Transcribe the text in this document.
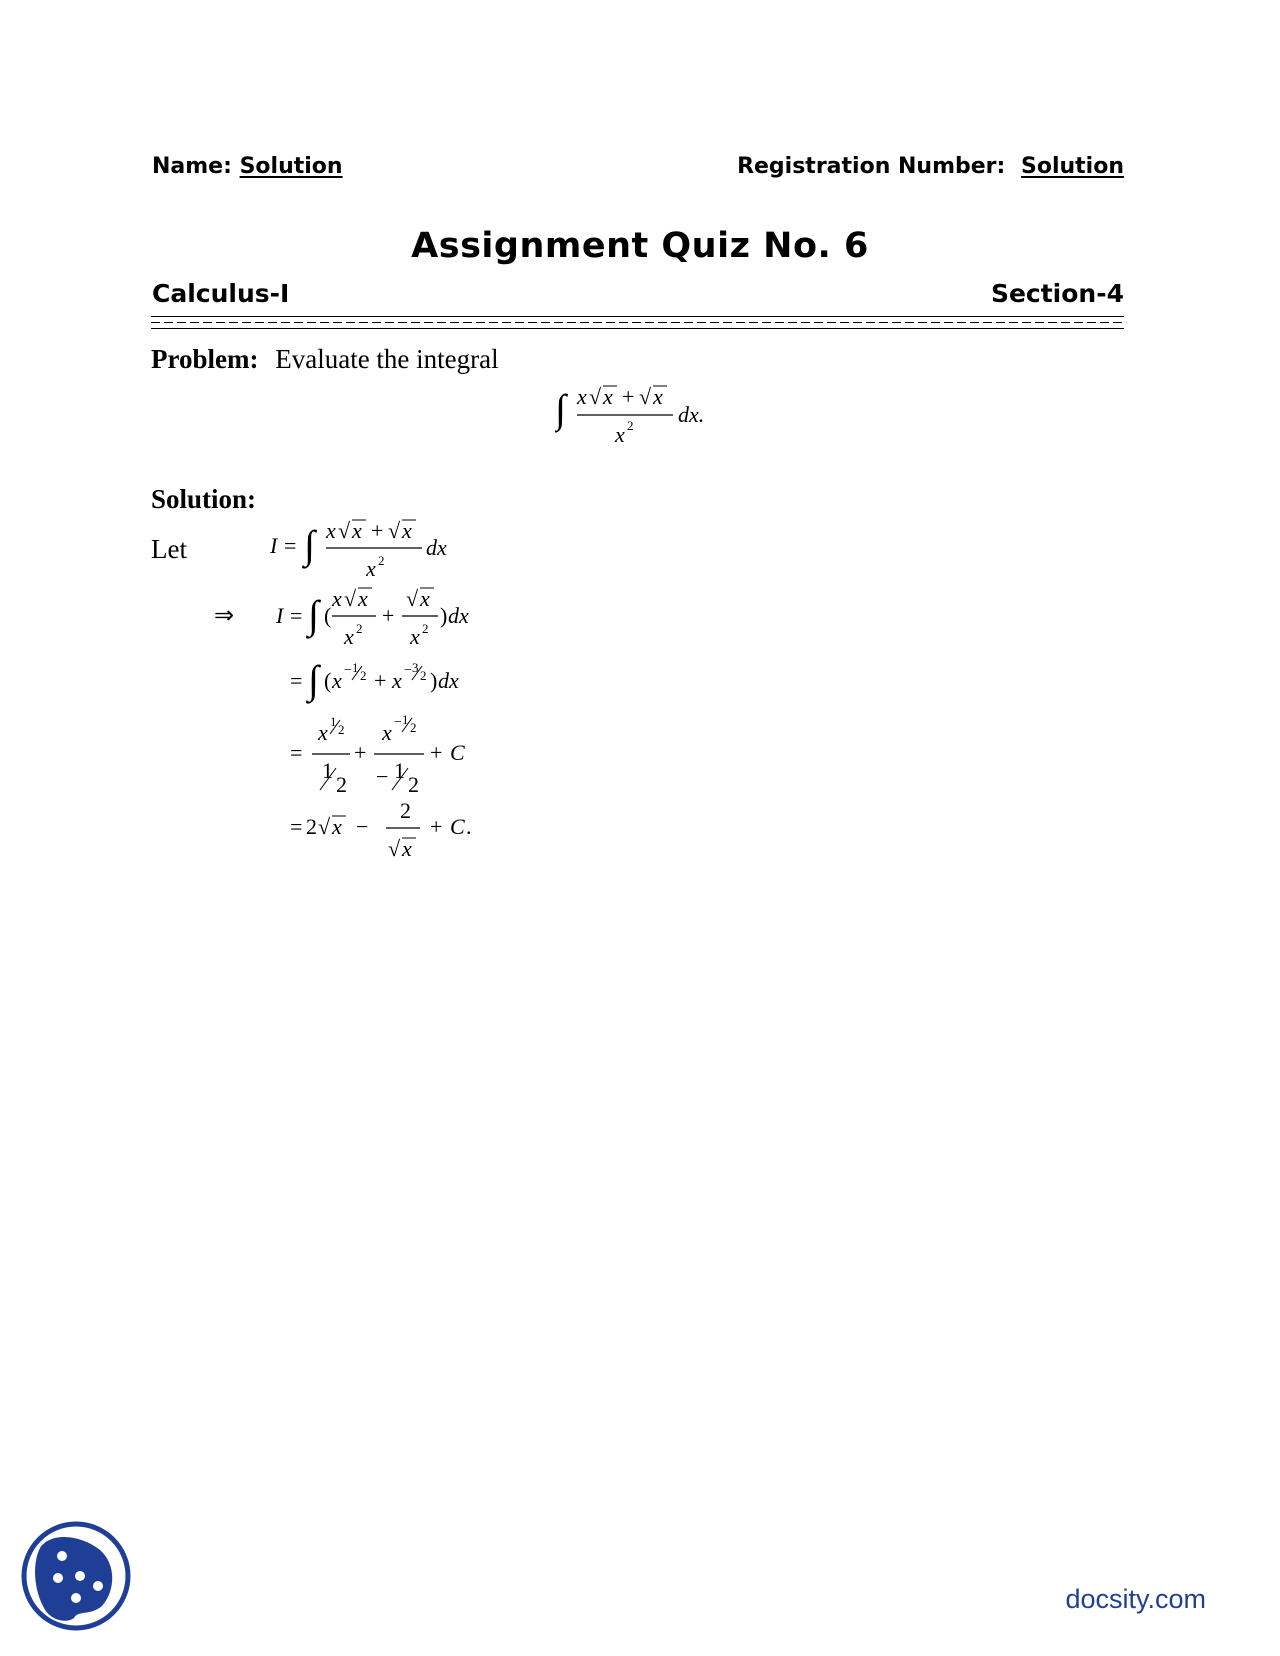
Name: Solution	Registration Number: Solution
Assignment Quiz No. 6
Calculus-I	Section-4
Problem: Evaluate the integral
∫ x √ x + √ x
x 2 dx.
Solution:
Let	I = ∫ x √ x + √ x
x 2
dx
⇒ I = ∫ (
x √ x
x 2
+
√ x
x 2
) dx
= ∫ ( x − 1
2 + x − 3
2 ) dx
=
x 1
2
1
2
+
x − 1
2
− 1
2
+ C
= 2 √ x −
2
√ x
+ C .
docsity.com
